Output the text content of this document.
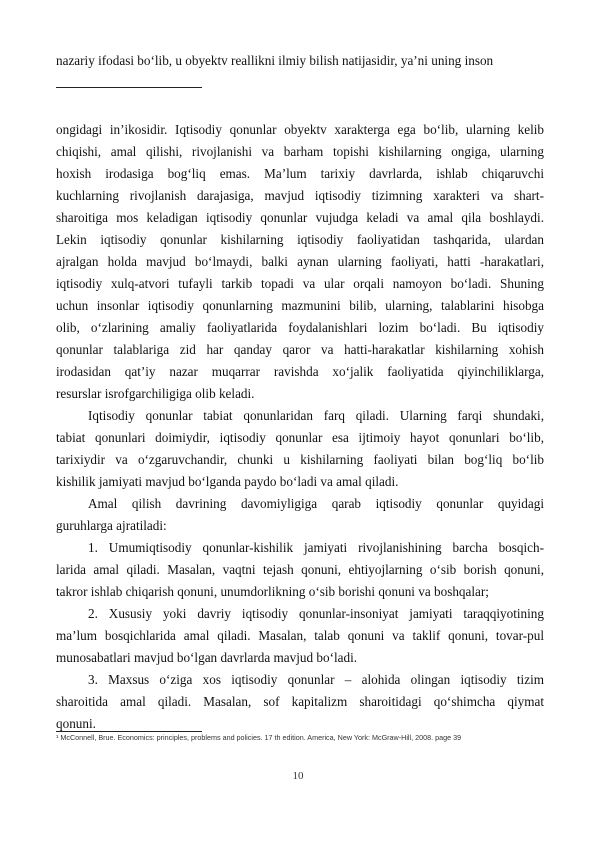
nazariy ifodasi bo‘lib, u obyektv reallikni ilmiy bilish natijasidir, ya’ni uning inson
ongidagi in’ikosidir. Iqtisodiy qonunlar obyektv xarakterga ega bo‘lib, ularning kelib
chiqishi, amal qilishi, rivojlanishi va barham topishi kishilarning ongiga, ularning
hoxish irodasiga bog‘liq emas. Ma’lum tarixiy davrlarda, ishlab chiqaruvchi
kuchlarning rivojlanish darajasiga, mavjud iqtisodiy tizimning xarakteri va shart-
sharoitiga mos keladigan iqtisodiy qonunlar vujudga keladi va amal qila boshlaydi.
Lekin iqtisodiy qonunlar kishilarning iqtisodiy faoliyatidan tashqarida, ulardan
ajralgan holda mavjud bo‘lmaydi, balki aynan ularning faoliyati, hatti -harakatlari,
iqtisodiy xulq-atvori tufayli tarkib topadi va ular orqali namoyon bo‘ladi. Shuning
uchun insonlar iqtisodiy qonunlarning mazmunini bilib, ularning, talablarini hisobga
olib, o‘zlarining amaliy faoliyatlarida foydalanishlari lozim bo‘ladi. Bu iqtisodiy
qonunlar talablariga zid har qanday qaror va hatti-harakatlar kishilarning xohish
irodasidan qat’iy nazar muqarrar ravishda xo‘jalik faoliyatida qiyinchiliklarga,
resurslar isrofgarchiligiga olib keladi.
Iqtisodiy qonunlar tabiat qonunlaridan farq qiladi. Ularning farqi shundaki,
tabiat qonunlari doimiydir, iqtisodiy qonunlar esa ijtimoiy hayot qonunlari bo‘lib,
tarixiydir va o‘zgaruvchandir, chunki u kishilarning faoliyati bilan bog‘liq bo‘lib
kishilik jamiyati mavjud bo‘lganda paydo bo‘ladi va amal qiladi.
Amal qilish davrining davomiyligiga qarab iqtisodiy qonunlar quyidagi
guruhlarga ajratiladi:
1. Umumiqtisodiy qonunlar-kishilik jamiyati rivojlanishining barcha bosqich-
larida amal qiladi. Masalan, vaqtni tejash qonuni, ehtiyojlarning o‘sib borish qonuni,
takror ishlab chiqarish qonuni, unumdorlikning o‘sib borishi qonuni va boshqalar;
2. Xususiy yoki davriy iqtisodiy qonunlar-insoniyat jamiyati taraqqiyotining
ma’lum bosqichlarida amal qiladi. Masalan, talab qonuni va taklif qonuni, tovar-pul
munosabatlari mavjud bo‘lgan davrlarda mavjud bo‘ladi.
3. Maxsus o‘ziga xos iqtisodiy qonunlar – alohida olingan iqtisodiy tizim
sharoitida amal qiladi. Masalan, sof kapitalizm sharoitidagi qo‘shimcha qiymat
qonuni.
¹ McConnell, Brue. Economics: principles, problems and policies. 17 th edition. America, New York: McGraw-Hill, 2008. page 39
10
